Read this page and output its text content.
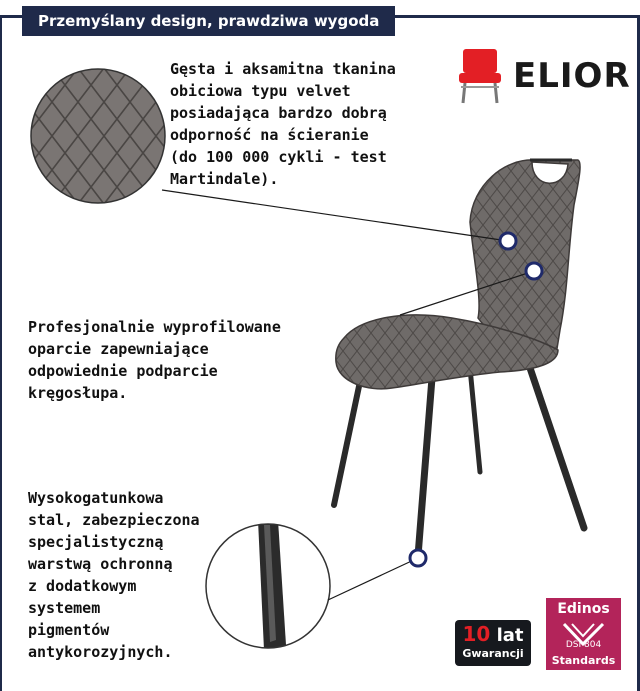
Przemyślany design, prawdziwa wygoda
Gęsta i aksamitna tkanina
obiciowa typu velvet
posiadająca bardzo dobrą
odporność na ścieranie
(do 100 000 cykli - test
Martindale).
Profesjonalnie wyprofilowane
oparcie zapewniające
odpowiednie podparcie
kręgosłupa.
Wysokogatunkowa
stal, zabezpieczona
specjalistyczną
warstwą ochronną
z dodatkowym
systemem
pigmentów
antykorozyjnych.
ELIOR
10 lat
Gwarancji
Edinos
DSI 804
Standards
